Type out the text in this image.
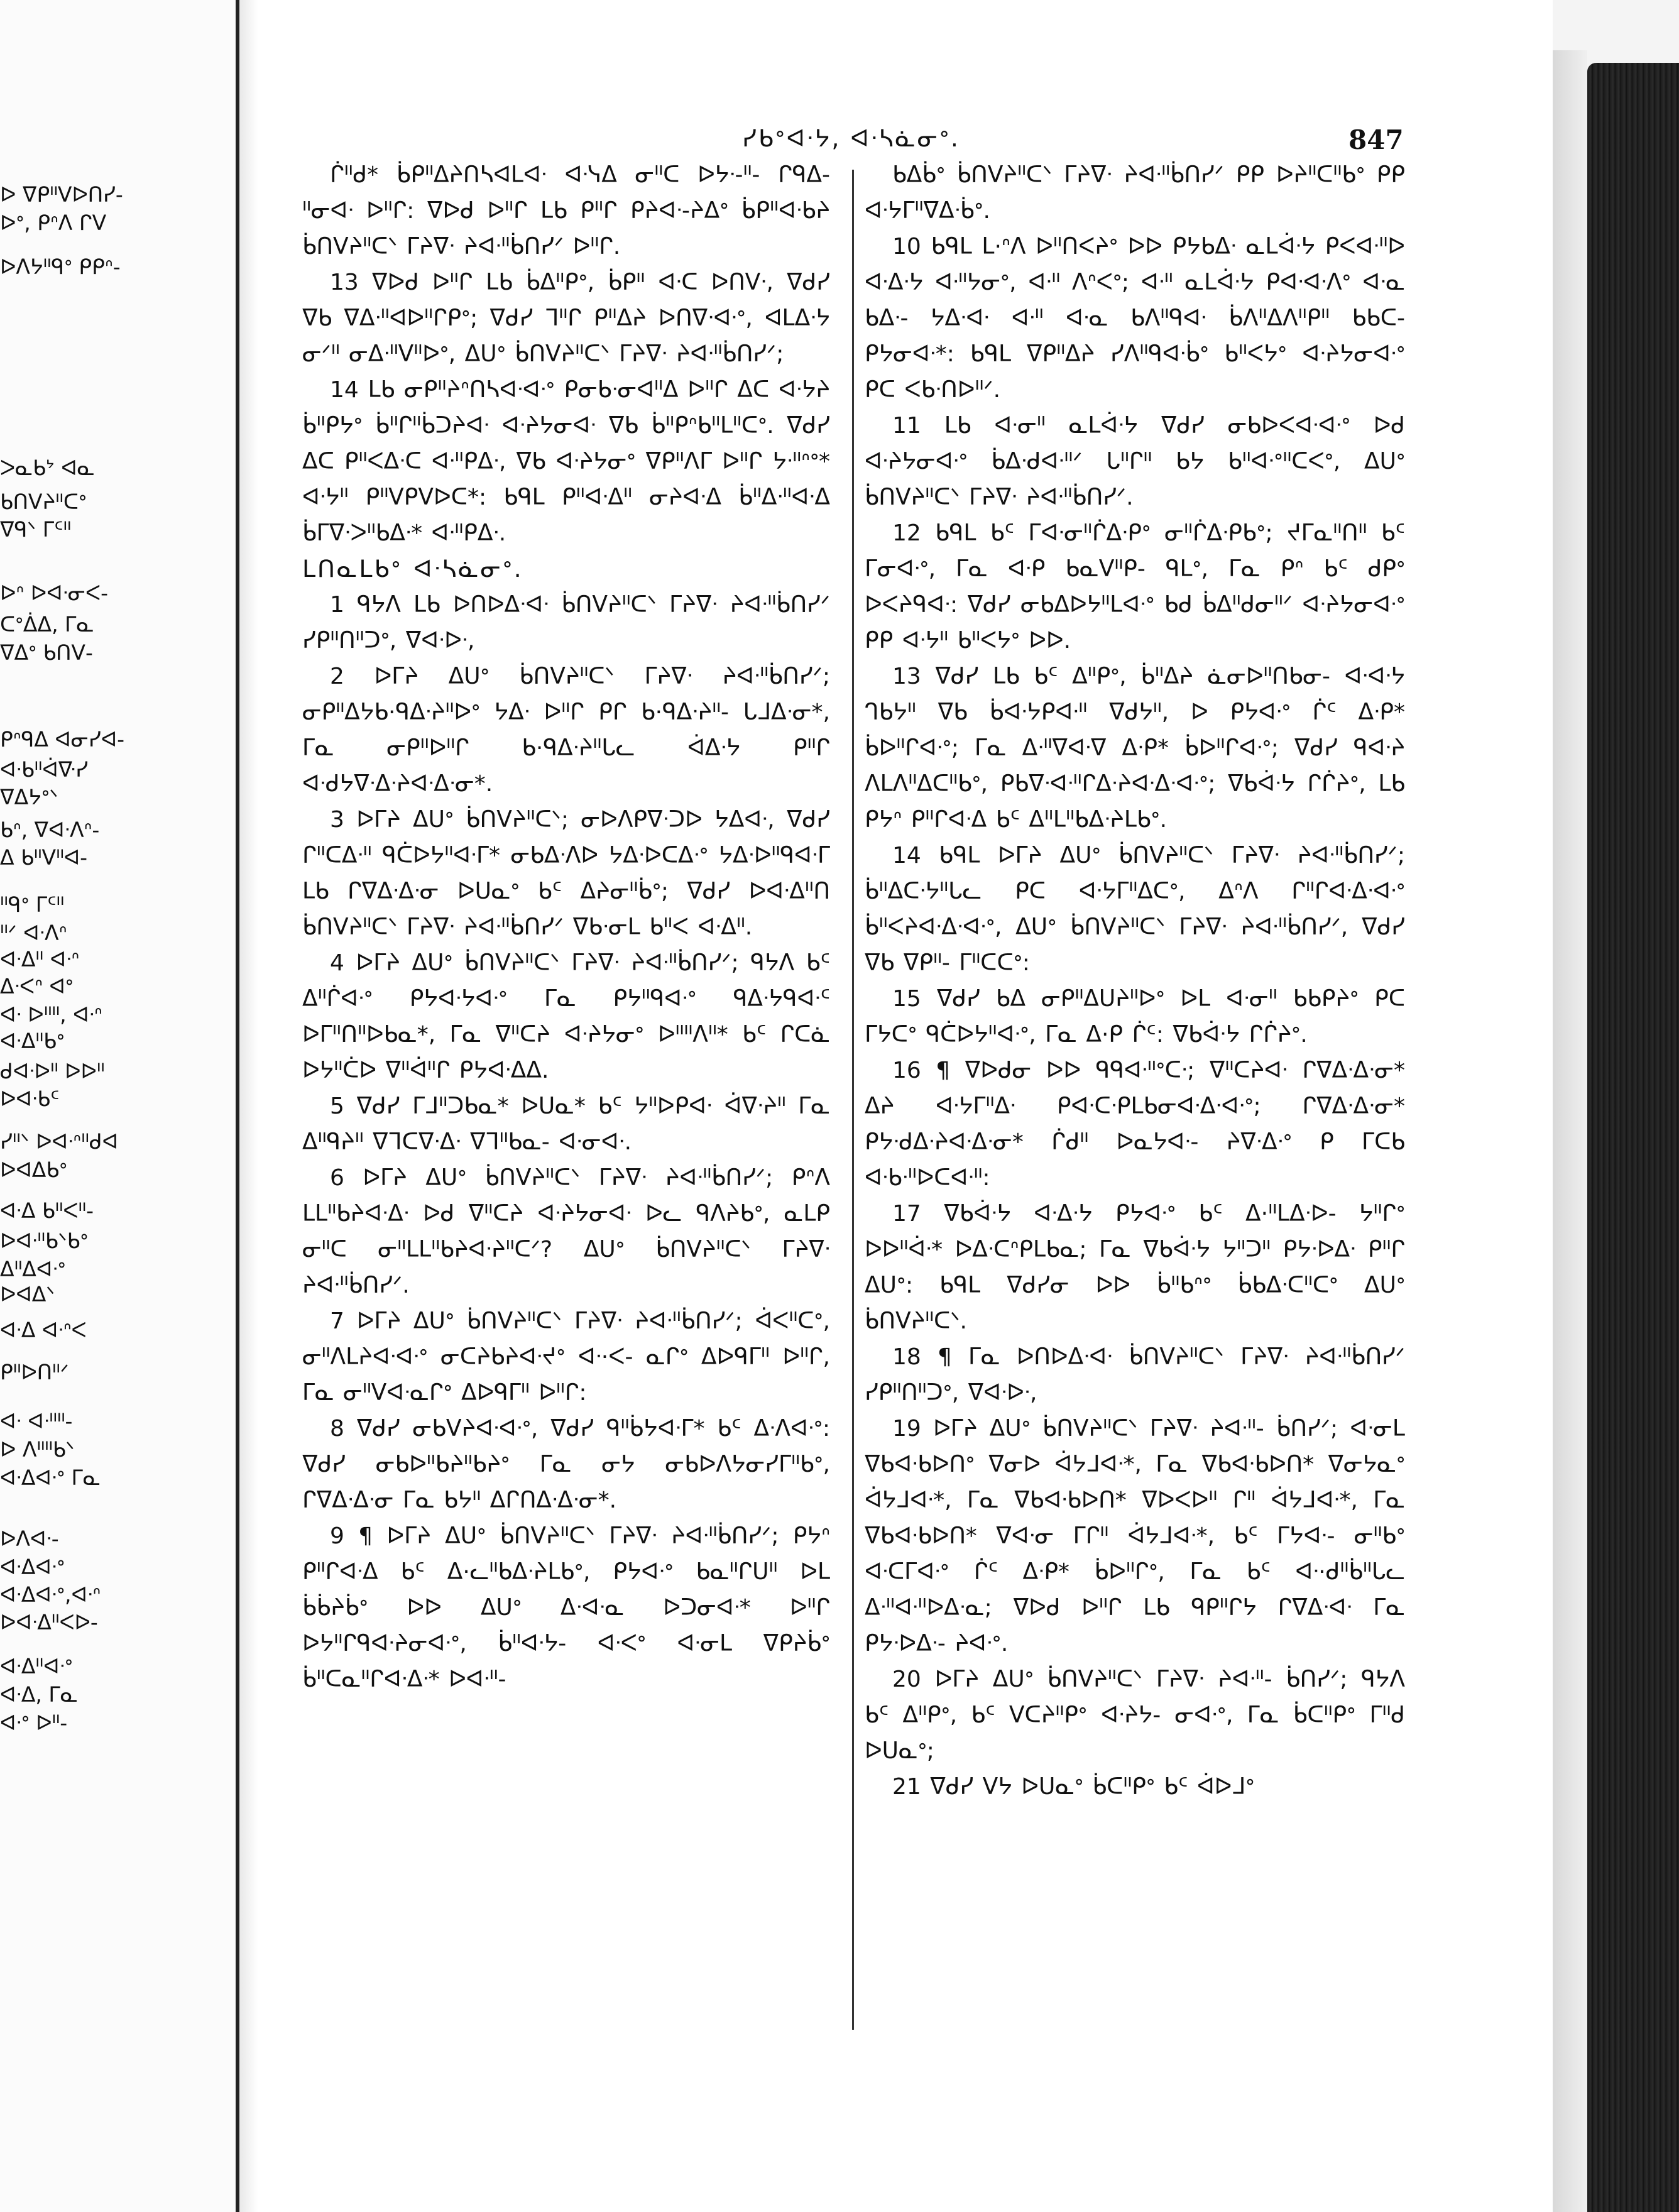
ᐅ ᐁᑭᐦᐯᐅᑎᓯ-
ᐅᐤ, ᑭᐢᐱ ᒋᐯ
ᐅᐱᔭᐦᑫᐤ ᑭᑭᐢ-
ᐳᓇᑲᔾ ᐊᓇ
ᑲᑎᐯᔨᐦᑕᐤ
ᐁᑫᐠ ᒥᑦᐦ
ᐅᐢ ᐅᐊᐧᓂᐸ-
ᑕᐤᐄᐃ, ᒥᓇ
ᐁᐃᐤ ᑲᑎᐯ-
ᑭᐢᑫᐃ ᐊᓂᓯᐊ-
ᐊᐧᑲᐦᐋᐍᓯ
ᐁᐃᔭᐤᐠ
ᑲᐢ, ᐁᐊᐧᐱᐢ-
ᐃ ᑲᐦᐯᐦᐊ-
ᐦᑫᐤ ᒥᑦᐦ
ᐦᐟ ᐊᐧᐱᐢ
ᐊᐧᐃᐦ ᐊᐧᐢ
ᐃᐧᐸᐢ ᐊᐤ
ᐊᐧ ᐅᐦᐦ, ᐊᐧᐢ
ᐊᐧᐃᐦᑲᐤ
ᑯᐊᐧᐅᐦ ᐅᐅᐦ
ᐅᐊᐧᑲᑦ
ᓯᐦᐠ ᐅᐊᐧᐢᐦᑯᐊ
ᐅᐊᐃᑲᐤ
ᐊᐧᐃ ᑲᐦᐸᐦ-
ᐅᐊᐧᐦᑲᐠᑲᐤ
ᐃᐦᐃᐊᐧᐤ
ᐅᐊᐃᐠ
ᐊᐧᐃ ᐊᐧᐢᐸ
ᑭᐦᐅᑎᐦᐟ
ᐊᐧ ᐊᐧᐦᐦ-
ᐅ ᐱᐦᐦᑲᐠ
ᐊᐧᐃᐊᐧᐤ ᒥᓇ
ᐅᐱᐊᐧ-
ᐊᐧᐃᐊᐧᐤ
ᐊᐧᐃᐊᐧᐤ,ᐊᐧᐢ
ᐅᐊᐧᐃᐦᐸᐅ-
ᐊᐧᐃᐦᐊᐧᐤ
ᐊᐧᐃ, ᒥᓇ
ᐊᐧᐤ ᐅᐦ-
ᓯᑲᐤᐊᐧᔭ, ᐊᐧᓴᓈᓂᐤ.	847

ᒌᐦᑯ* ᑳᑭᐦᐃᔨᑎᓴᐊᒪᐊᐧ ᐊᐧᓭᐃ ᓂᐦᑕ ᐅᔭᐧ-ᐦ- ᒋᑫᐃ-ᐦᓂᐊᐧ ᐅᐦᒋ: ᐁᐅᑯ ᐅᐦᒋ ᒪᑲ ᑭᐦᒋ ᑭᔨᐊᐧ-ᔨᐃᐤ ᑳᑭᐦᐊᐧᑲᔨ ᑳᑎᐯᔨᐦᑕᐠ ᒥᔨᐁᐧ ᔨᐊᐧᐦᑳᑎᓯᐟ ᐅᐦᒋ.

13 ᐁᐅᑯ ᐅᐦᒋ ᒪᑲ ᑳᐃᐦᑭᐤ, ᑳᑭᐦ ᐊᐧᑕ ᐅᑎᐯᐧ, ᐁᑯᓯ ᐁᑲ ᐁᐃᐧᐦᐊᐅᐦᒋᑭᐤ; ᐁᑯᓯ ᒣᐦᒋ ᑭᐦᐃᔨ ᐅᑎᐁᐧᐊᐧᐤ, ᐊᒪᐃᐧᔭ ᓂᐟᐦ ᓂᐃᐧᐦᐯᐦᐅᐤ, ᐃᑌᐤ ᑳᑎᐯᔨᐦᑕᐠ ᒥᔨᐁᐧ ᔨᐊᐧᐦᑳᑎᓯᐟ;

14 ᒪᑲ ᓂᑭᐦᔨᐢᑎᓴᐊᐧᐊᐧᐤ ᑭᓂᑲᐧᓂᐊᐦᐃ ᐅᐦᒋ ᐃᑕ ᐊᐧᔭᔨ ᑳᐦᑭᔭᐤ ᑳᐦᒋᐦᑳᑐᔨᐊᐧ ᐊᐧᔨᔭᓂᐊᐧ ᐁᑲ ᑳᐦᑭᐢᑲᐦᒪᐦᑕᐤ. ᐁᑯᓯ ᐃᑕ ᑭᐦᐸᐃᐧᑕ ᐊᐧᐦᑭᐃᐧ, ᐁᑲ ᐊᐧᔨᔭᓂᐤ ᐁᑭᐦᐱᒥ ᐅᐦᒋ ᔭᐧᐦᐢᐤ* ᐊᐧᔭᐦ ᑭᐦᐯᑭᐯᐅᑕ*: ᑲᑫᒪ ᑭᐦᐊᐧᐃᐦ ᓂᔨᐊᐧᐃ ᑳᐦᐃᐧᐦᐊᐧᐃ ᑳᒥᐁᐧᐳᐦᑲᐃᐧ* ᐊᐧᐦᑭᐃᐧ.

ᒪᑎᓇᒪᑲᐤ ᐊᐧᓴᓈᓂᐤ.

1 ᑫᔭᐱ ᒪᑲ ᐅᑎᐅᐃᐧᐊᐧ ᑳᑎᐯᔨᐦᑕᐠ ᒥᔨᐁᐧ ᔨᐊᐧᐦᑳᑎᓯᐟ ᓯᑭᐦᑎᐦᑐᐤ, ᐁᐊᐧᐅᐧ,

2 ᐅᒥᔨ ᐃᑌᐤ ᑳᑎᐯᔨᐦᑕᐠ ᒥᔨᐁᐧ ᔨᐊᐧᐦᑳᑎᓯᐟ; ᓂᑭᐦᐃᔭᑲ·ᑫᐃᐧᔨᐦᐅᐤ ᔭᐃᐧ ᐅᐦᒋ ᑭᒋ ᑲ·ᑫᐃᐧᔨᐦ- ᒐᒧᐃᐧᓂ*, ᒥᓇ ᓂᑭᐦᐅᐦᒋ ᑲ·ᑫᐃᐧᔨᐦᒐᓚ ᐋᐃᐧᔭ ᑭᐦᒋ ᐊᐧᑯᔭᐁᐧᐃᐧᔨᐊᐧᐃᐧᓂ*.

3 ᐅᒥᔨ ᐃᑌᐤ ᑳᑎᐯᔨᐦᑕᐠ; ᓂᐅᐱᑭᐁᐧᑐᐅ ᔭᐃᐊᐧ, ᐁᑯᓯ ᒋᐦᑕᐃᐧᐦ ᑫᑖᐅᔭᐦᐊᐧᒥ* ᓂᑲᐃᐧᐱᐅ ᔭᐃᐧᐅᑕᐃᐧᐤ ᔭᐃᐧᐅᐦᑫᐊᐧᒥ ᒪᑲ ᒋᐁᐃᐧᐃᐧᓂ ᐅᑌᓇᐤ ᑲᑦ ᐃᔨᓂᐦᑳᐤ; ᐁᑯᓯ ᐅᐊᐧᐃᐦᑎ ᑳᑎᐯᔨᐦᑕᐠ ᒥᔨᐁᐧ ᔨᐊᐧᐦᑳᑎᓯᐟ ᐁᑲᐧᓂᒪ ᑲᐦᐸ ᐊᐧᐃᐦ.

4 ᐅᒥᔨ ᐃᑌᐤ ᑳᑎᐯᔨᐦᑕᐠ ᒥᔨᐁᐧ ᔨᐊᐧᐦᑳᑎᓯᐟ; ᑫᔭᐱ ᑲᑦ ᐃᐦᒌᐊᐧᐤ ᑭᔭᐊᐧᔭᐊᐧᐤ ᒥᓇ ᑭᔭᐦᑫᐊᐧᐤ ᑫᐃᐧᔭᑫᐊᐧᑦ ᐅᒥᐦᑎᐦᐅᑲᓇ*, ᒥᓇ ᐁᐦᑕᔨ ᐊᐧᔨᔭᓂᐤ ᐅᐦᐦᐱᐦ* ᑲᑦ ᒋᑕᓈ ᐅᔭᐦᑖᐅ ᐁᐦᐋᐦᒋ ᑭᔭᐊᐧᐃᐃ.

5 ᐁᑯᓯ ᒥᒧᐦᑐᑲᓇ* ᐅᑌᓇ* ᑲᑦ ᔭᐦᐅᑭᐊᐧ ᐋᐁᐧᔨᐦ ᒥᓇ ᐃᐦᑫᔨᐦ ᐁᒣᑕᐁᐧᐃᐧ ᐁᒣᐦᑲᓇ- ᐊᐧᓂᐊᐧ.

6 ᐅᒥᔨ ᐃᑌᐤ ᑳᑎᐯᔨᐦᑕᐠ ᒥᔨᐁᐧ ᔨᐊᐧᐦᑳᑎᓯᐟ; ᑭᐢᐱ ᒪᒪᐦᑲᔨᐊᐧᐃᐧ ᐅᑯ ᐁᐦᑕᔨ ᐊᐧᔨᔭᓂᐊᐧ ᐅᓚ ᑫᐱᔨᑲᐤ, ᓇᒪᑭ ᓂᐦᑕ ᓂᐦᒪᒪᐦᑲᔨᐊᐧᔨᐦᑕᐟ? ᐃᑌᐤ ᑳᑎᐯᔨᐦᑕᐠ ᒥᔨᐁᐧ ᔨᐊᐧᐦᑳᑎᓯᐟ.

7 ᐅᒥᔨ ᐃᑌᐤ ᑳᑎᐯᔨᐦᑕᐠ ᒥᔨᐁᐧ ᔨᐊᐧᐦᑳᑎᓯᐟ; ᐋᐸᐦᑕᐤ, ᓂᐦᐱᒪᔨᐊᐧᐊᐧᐤ ᓂᑕᔨᑲᔨᐊᐧᔪᐤ ᐊᐧ·ᐸ- ᓇᒋᐤ ᐃᐅᑫᒥᐦ ᐅᐦᒋ, ᒥᓇ ᓂᐦᐯᐊᐧᓇᒋᐤ ᐃᐅᑫᒥᐦ ᐅᐦᒋ:

8 ᐁᑯᓯ ᓂᑲᐯᔨᐊᐧᐊᐧᐤ, ᐁᑯᓯ ᑫᐦᑳᔭᐊᐧᒥ* ᑲᑦ ᐃᐧᐱᐊᐧᐤ: ᐁᑯᓯ ᓂᑲᐅᐦᑲᔨᐦᑲᔨᐤ ᒥᓇ ᓂᔭ ᓂᑲᐅᐱᔭᓂᓯᒥᐦᑲᐤ, ᒋᐁᐃᐧᐃᐧᓂ ᒥᓇ ᑲᔭᐦ ᐃᒋᑎᐃᐧᐃᐧᓂ*.

9 ¶ ᐅᒥᔨ ᐃᑌᐤ ᑳᑎᐯᔨᐦᑕᐠ ᒥᔨᐁᐧ ᔨᐊᐧᐦᑳᑎᓯᐟ; ᑭᔭᐢ ᑭᐦᒋᐊᐧᐃ ᑲᑦ ᐃ·ᓚᐦᑲᐃᐧᔨᒪᑲᐤ, ᑭᔭᐊᐧᐤ ᑲᓇᐦᒋᑌᐦ ᐅᒪ ᑳᑳᔨᑳᐤ ᐅᐅ ᐃᑌᐤ ᐃᐧᐊᐧᓇ ᐅᑐᓂᐊᐧ* ᐅᐦᒋ ᐅᔭᐦᒋᑫᐊᐧᔨᓂᐊᐧᐤ, ᑳᐦᐊᐧᔭ- ᐊᐧᐸᐤ ᐊᐧᓂᒪ ᐁᑭᔨᑳᐤ ᑳᐦᑕᓇᐦᒋᐊᐧᐃᐧ* ᐅᐊᐧᐦ-

ᑲᐃᑳᐤ ᑳᑎᐯᔨᐦᑕᐠ ᒥᔨᐁᐧ ᔨᐊᐧᐦᑳᑎᓯᐟ ᑭᑭ ᐅᔨᐦᑕᐦᑲᐤ ᑭᑭ ᐊᐧᔭᒥᐦᐁᐃᐧᑳᐤ.

10 ᑲᑫᒪ ᒪ·ᐢᐱ ᐅᐦᑎᐸᔨᐤ ᐅᐅ ᑭᔭᑲᐃᐧ ᓇᒪᐋᐧᔭ ᑭᐸᐊᐧᐦᐅ ᐊᐧᐃᐧᔭ ᐊᐧᐦᔭᓂᐤ, ᐊᐧᐦ ᐱᐢᐸᐤ; ᐊᐧᐦ ᓇᒪᐋᐧᔭ ᑭᐊᐧᐊᐧᐱᐤ ᐊᐧᓇ ᑲᐃᐧ- ᔭᐃᐧᐊᐧ ᐊᐧᐦ ᐊᐧᓇ ᑲᐱᐦᑫᐊᐧ ᑳᐱᐦᐃᐱᐦᑭᐦ ᑲᑲᑕ- ᑭᔭᓂᐊᐧ*: ᑲᑫᒪ ᐁᑭᐦᐃᔨ ᓯᐱᐦᑫᐊᐧᑳᐤ ᑲᐦᐸᔭᐤ ᐊᐧᔨᔭᓂᐊᐧᐤ ᑭᑕ ᐸᑲᐧᑎᐅᐦᐟ.

11 ᒪᑲ ᐊᐧᓂᐦ ᓇᒪᐋᐧᔭ ᐁᑯᓯ ᓂᑲᐅᐸᐊᐧᐊᐧᐤ ᐅᑯ ᐊᐧᔨᔭᓂᐊᐧᐤ ᑳᐃᐧᑯᐊᐧᐦᐟ ᒐᐦᒋᐦ ᑲᔭ ᑲᐦᐊᐧᐤᐦᑕᐸᐤ, ᐃᑌᐤ ᑳᑎᐯᔨᐦᑕᐠ ᒥᔨᐁᐧ ᔨᐊᐧᐦᑳᑎᓯᐟ.

12 ᑲᑫᒪ ᑲᑦ ᒥᐊᐧᓂᐦᒌᐃᐧᑭᐤ ᓂᐦᒌᐃᐧᑭᑲᐤ; ᔪᒥᓇᐦᑎᐦ ᑲᑦ ᒥᓂᐊᐧᐤ, ᒥᓇ ᐊᐧᑭ ᑲᓇᐯᐦᑭ- ᑫᒪᐤ, ᒥᓇ ᑭᐢ ᑲᑦ ᑯᑭᐤ ᐅᐸᔨᑫᐊᐧ: ᐁᑯᓯ ᓂᑲᐃᐅᔭᐦᒪᐊᐧᐤ ᑲᑯ ᑳᐃᐦᑯᓂᐦᐟ ᐊᐧᔨᔭᓂᐊᐧᐤ ᑭᑭ ᐊᐧᔭᐦ ᑲᐦᐸᔭᐤ ᐅᐅ.

13 ᐁᑯᓯ ᒪᑲ ᑲᑦ ᐃᐦᑭᐤ, ᑳᐦᐃᔨ ᓈᓂᐅᐦᑎᑲᓂ- ᐊᐧᐊᐧᔭ ᒉᑲᔭᐦ ᐁᑲ ᑳᐊᐧᔭᑭᐊᐧᐦ ᐁᑯᔭᐦ, ᐅ ᑭᔭᐊᐧᐤ ᒌᑦ ᐃᐧᑭ* ᑳᐅᐦᒋᐊᐧᐤ; ᒥᓇ ᐃᐧᐦᐁᐊᐧᐁ ᐃᐧᑭ* ᑳᐅᐦᒋᐊᐧᐤ; ᐁᑯᓯ ᑫᐊᐧᔨ ᐱᒪᐱᐦᐃᑕᐦᑲᐤ, ᑭᑲᐁᐧᐊᐧᐦᒋᐃᐧᔨᐊᐧᐃᐧᐊᐧᐤ; ᐁᑲᐋᐧᔭ ᒋᒌᔨᐤ, ᒪᑲ ᑭᔭᐢ ᑭᐦᒋᐊᐧᐃ ᑲᑦ ᐃᐦᒪᐦᑲᐃᐧᔨᒪᑲᐤ.

14 ᑲᑫᒪ ᐅᒥᔨ ᐃᑌᐤ ᑳᑎᐯᔨᐦᑕᐠ ᒥᔨᐁᐧ ᔨᐊᐧᐦᑳᑎᓯᐟ; ᑳᐦᐃᑕᐧᔭᐦᒐᓚ ᑭᑕ ᐊᐧᔭᒥᐦᐃᑕᐤ, ᐃᐢᐱ ᒋᐦᒋᐊᐧᐃᐧᐊᐧᐤ ᑳᐦᐸᔨᐊᐧᐃᐧᐊᐧᐤ, ᐃᑌᐤ ᑳᑎᐯᔨᐦᑕᐠ ᒥᔨᐁᐧ ᔨᐊᐧᐦᑳᑎᓯᐟ, ᐁᑯᓯ ᐁᑲ ᐁᑭᐦ- ᒥᐦᑕᑕᐤ:

15 ᐁᑯᓯ ᑲᐃ ᓂᑭᐦᐃᑌᔨᐦᐅᐤ ᐅᒪ ᐊᐧᓂᐦ ᑲᑲᑭᔨᐤ ᑭᑕ ᒥᔭᑕᐤ ᑫᑖᐅᔭᐦᐊᐧᐤ, ᒥᓇ ᐃ·ᑭ ᒌᑦ: ᐁᑲᐋᐧᔭ ᒋᒌᔨᐤ.

16 ¶ ᐁᐅᑯᓂ ᐅᐅ ᑫᑫᐊᐧᐦᐤᑕᐧ; ᐁᐦᑕᔨᐊᐧ ᒋᐁᐃᐧᐃᐧᓂ* ᐃᔨ ᐊᐧᔭᒥᐦᐃᐧ ᑭᐊᐧᑕᐧᑭᒪᑲᓂᐊᐧᐃᐧᐊᐧᐤ; ᒋᐁᐃᐧᐃᐧᓂ* ᑭᔭᐧᑯᐃᐧᔨᐊᐧᐃᐧᓂ* ᒌᑯᐦ ᐅᓇᔭᐊᐧ- ᔨᐁᐧᐃᐧᐤ ᑭ ᒥᑕᑲ ᐊᐧᑲᐧᐦᐅᑕᐊᐧᐦ:

17 ᐁᑲᐋᐧᔭ ᐊᐧᐃᐧᔭ ᑭᔭᐊᐧᐤ ᑲᑦ ᐃ·ᐦᒪᐃᐧᐅ- ᔭᐦᒋᐤ ᐅᐅᐦᐋᐧ* ᐅᐃᐧᑕᐢᑭᒪᑲᓇ; ᒥᓇ ᐁᑲᐋᐧᔭ ᔭᐦᑐᐦ ᑭᔭᐧᐅᐃᐧ ᑭᐦᒋ ᐃᑌᐤ: ᑲᑫᒪ ᐁᑯᓯᓂ ᐅᐅ ᑳᐦᑲᐢᐤ ᑳᑲᐃᐧᑕᐦᑕᐤ ᐃᑌᐤ ᑳᑎᐯᔨᐦᑕᐠ.

18 ¶ ᒥᓇ ᐅᑎᐅᐃᐧᐊᐧ ᑳᑎᐯᔨᐦᑕᐠ ᒥᔨᐁᐧ ᔨᐊᐧᐦᑳᑎᓯᐟ ᓯᑭᐦᑎᐦᑐᐤ, ᐁᐊᐧᐅᐧ,

19 ᐅᒥᔨ ᐃᑌᐤ ᑳᑎᐯᔨᐦᑕᐠ ᒥᔨᐁᐧ ᔨᐊᐧᐦ- ᑳᑎᓯᐟ; ᐊᐧᓂᒪ ᐁᑲᐊᐧᑲᐅᑎᐤ ᐁᓂᐅ ᐋᔭᒧᐊᐧ*, ᒥᓇ ᐁᑲᐊᐧᑲᐅᑎ* ᐁᓂᔭᓇᐤ ᐋᔭᒧᐊᐧ*, ᒥᓇ ᐁᑲᐊᐧᑲᐅᑎ* ᐁᐅᐸᐅᐦ ᒋᐦ ᐋᔭᒧᐊᐧ*, ᒥᓇ ᐁᑲᐊᐧᑲᐅᑎ* ᐁᐊᐧᓂ ᒥᒋᐦ ᐋᔭᒧᐊᐧ*, ᑲᑦ ᒥᔭᐊᐧ- ᓂᐦᑲᐤ ᐊᐧᑕᒥᐊᐧᐤ ᒌᑦ ᐃᐧᑭ* ᑳᐅᐦᒋᐤ, ᒥᓇ ᑲᑦ ᐊᐧ·ᑯᐦᑳᐦᒐᓚ ᐃᐧᐦᐊᐧᐦᐅᐃᐧᓇ; ᐁᐅᑯ ᐅᐦᒋ ᒪᑲ ᑫᑭᐦᒋᔭ ᒋᐁᐃᐧᐊᐧ ᒥᓇ ᑭᔭᐧᐅᐃᐧ- ᔨᐊᐧᐤ.

20 ᐅᒥᔨ ᐃᑌᐤ ᑳᑎᐯᔨᐦᑕᐠ ᒥᔨᐁᐧ ᔨᐊᐧᐦ- ᑳᑎᓯᐟ; ᑫᔭᐱ ᑲᑦ ᐃᐦᑭᐤ, ᑲᑦ ᐯᑕᔨᐦᑭᐤ ᐊᐧᔨᔭ- ᓂᐊᐧᐤ, ᒥᓇ ᑳᑕᐦᑭᐤ ᒥᐦᑯ ᐅᑌᓇᐤ;

21 ᐁᑯᓯ ᐯᔭ ᐅᑌᓇᐤ ᑳᑕᐦᑭᐤ ᑲᑦ ᐋᐅᒧᐤ
